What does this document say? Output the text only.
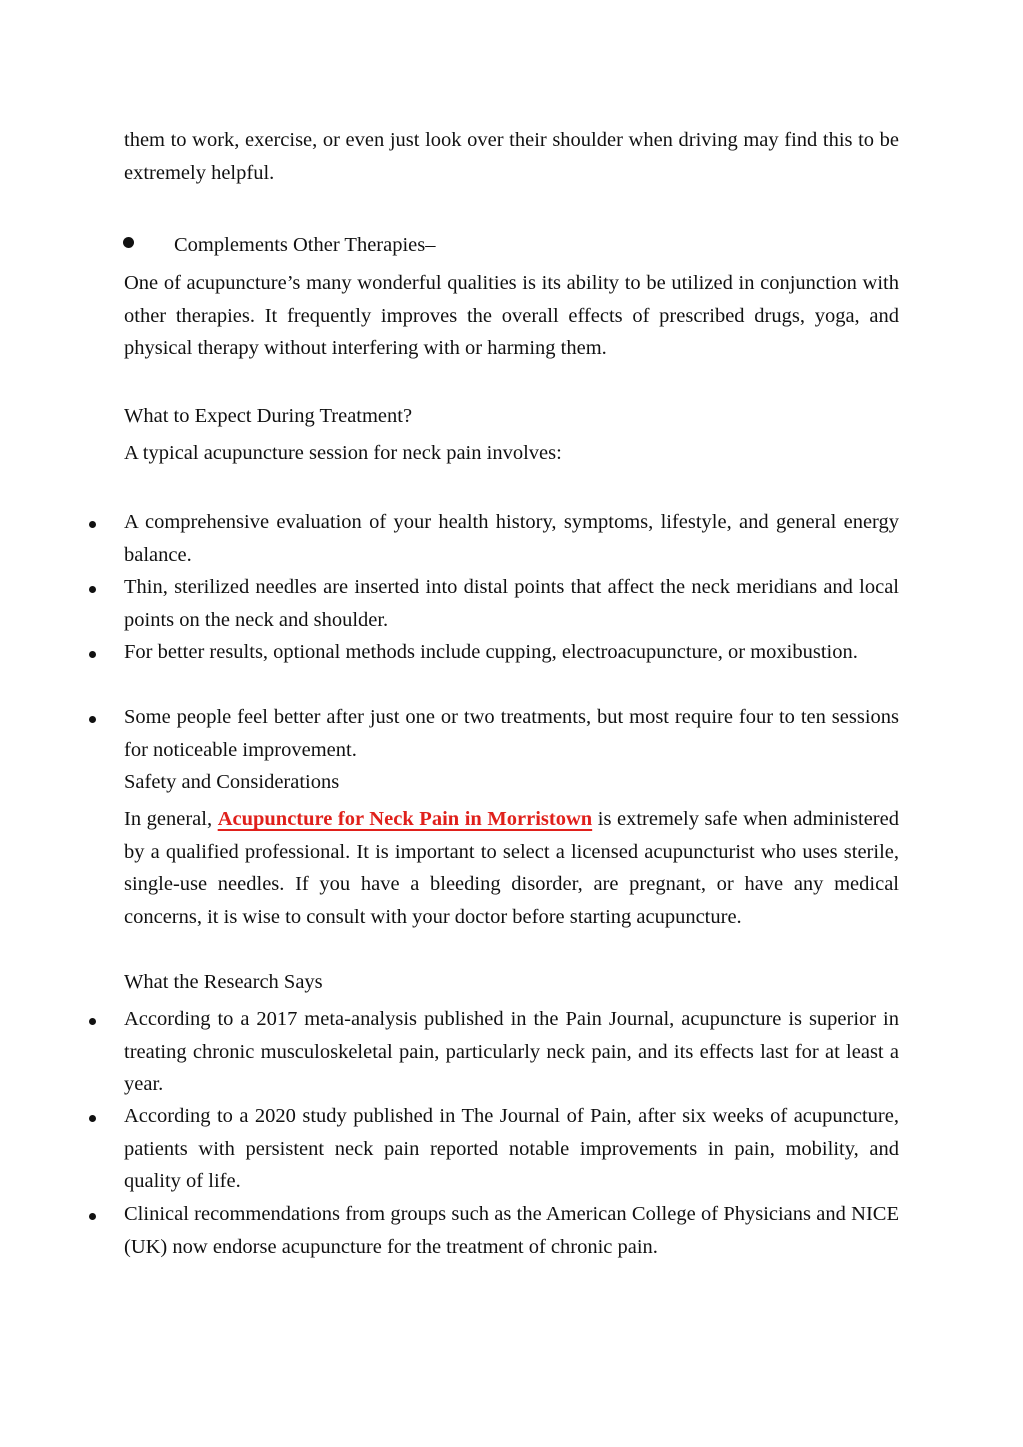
them to work, exercise, or even just look over their shoulder when driving may find this to be extremely helpful.

Complements Other Therapies–

One of acupuncture’s many wonderful qualities is its ability to be utilized in conjunction with other therapies. It frequently improves the overall effects of prescribed drugs, yoga, and physical therapy without interfering with or harming them.

What to Expect During Treatment?

A typical acupuncture session for neck pain involves:

A comprehensive evaluation of your health history, symptoms, lifestyle, and general energy balance.

Thin, sterilized needles are inserted into distal points that affect the neck meridians and local points on the neck and shoulder.

For better results, optional methods include cupping, electroacupuncture, or moxibustion.

Some people feel better after just one or two treatments, but most require four to ten sessions for noticeable improvement.

Safety and Considerations

In general, Acupuncture for Neck Pain in Morristown is extremely safe when administered by a qualified professional. It is important to select a licensed acupuncturist who uses sterile, single-use needles. If you have a bleeding disorder, are pregnant, or have any medical concerns, it is wise to consult with your doctor before starting acupuncture.

What the Research Says

According to a 2017 meta-analysis published in the Pain Journal, acupuncture is superior in treating chronic musculoskeletal pain, particularly neck pain, and its effects last for at least a year.

According to a 2020 study published in The Journal of Pain, after six weeks of acupuncture, patients with persistent neck pain reported notable improvements in pain, mobility, and quality of life.

Clinical recommendations from groups such as the American College of Physicians and NICE (UK) now endorse acupuncture for the treatment of chronic pain.
